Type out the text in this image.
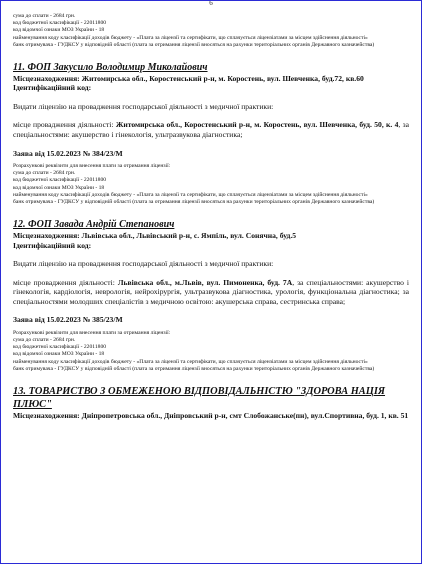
6

сума до сплати - 2684 грн.

код бюджетної класифікації - 22011800

код відомчої ознаки МОЗ України - 18

найменування коду класифікації доходів бюджету - «Плата за ліцензії та сертифікати, що сплачується ліцензіатами за місцем здійснення діяльності»

банк отримувача - ГУДКСУ у відповідній області (плата за отримання ліцензії вносяться на рахунки територіальних органів Державного казначейства)

11. ФОП Закусило Володимир Миколайович

Місцезнаходження: Житомирська обл., Коростенський р-н, м. Коростень, вул. Шевченка, буд.72, кв.60

Ідентифікаційний код:

Видати ліцензію на провадження господарської діяльності з медичної практики:

місце провадження діяльності: Житомирська обл., Коростенський р-н, м. Коростень, вул. Шевченка, буд. 50, к. 4, за спеціальностями: акушерство і гінекологія, ультразвукова діагностика;

Заява від 15.02.2023 № 384/23/М

Розрахункові реквізити для внесення плати за отримання ліцензії:

сума до сплати - 2684 грн.

код бюджетної класифікації - 22011800

код відомчої ознаки МОЗ України - 18

найменування коду класифікації доходів бюджету - «Плата за ліцензії та сертифікати, що сплачується ліцензіатами за місцем здійснення діяльності»

банк отримувача - ГУДКСУ у відповідній області (плата за отримання ліцензії вносяться на рахунки територіальних органів Державного казначейства)

12. ФОП Завада Андрій Степанович

Місцезнаходження: Львівська обл., Львівський р-н, с. Ямпіль, вул. Сонячна, буд.5

Ідентифікаційний код:

Видати ліцензію на провадження господарської діяльності з медичної практики:

місце провадження діяльності: Львівська обл., м.Львів, вул. Пимоненка, буд. 7А, за спеціальностями: акушерство і гінекологія, кардіологія, неврологія, нейрохірургія, ультразвукова діагностика, урологія, функціональна діагностика; за спеціальностями молодших спеціалістів з медичною освітою: акушерська справа, сестринська справа;

Заява від 15.02.2023 № 385/23/М

Розрахункові реквізити для внесення плати за отримання ліцензії:

сума до сплати - 2684 грн.

код бюджетної класифікації - 22011800

код відомчої ознаки МОЗ України - 18

найменування коду класифікації доходів бюджету - «Плата за ліцензії та сертифікати, що сплачується ліцензіатами за місцем здійснення діяльності»

банк отримувача - ГУДКСУ у відповідній області (плата за отримання ліцензії вносяться на рахунки територіальних органів Державного казначейства)

13. ТОВАРИСТВО З ОБМЕЖЕНОЮ ВІДПОВІДАЛЬНІСТЮ "ЗДОРОВА НАЦІЯ ПЛЮС"

Місцезнаходження: Дніпропетровська обл., Дніпровський р-н, смт Слобожанське(пн), вул.Спортивна, буд. 1, кв. 51
